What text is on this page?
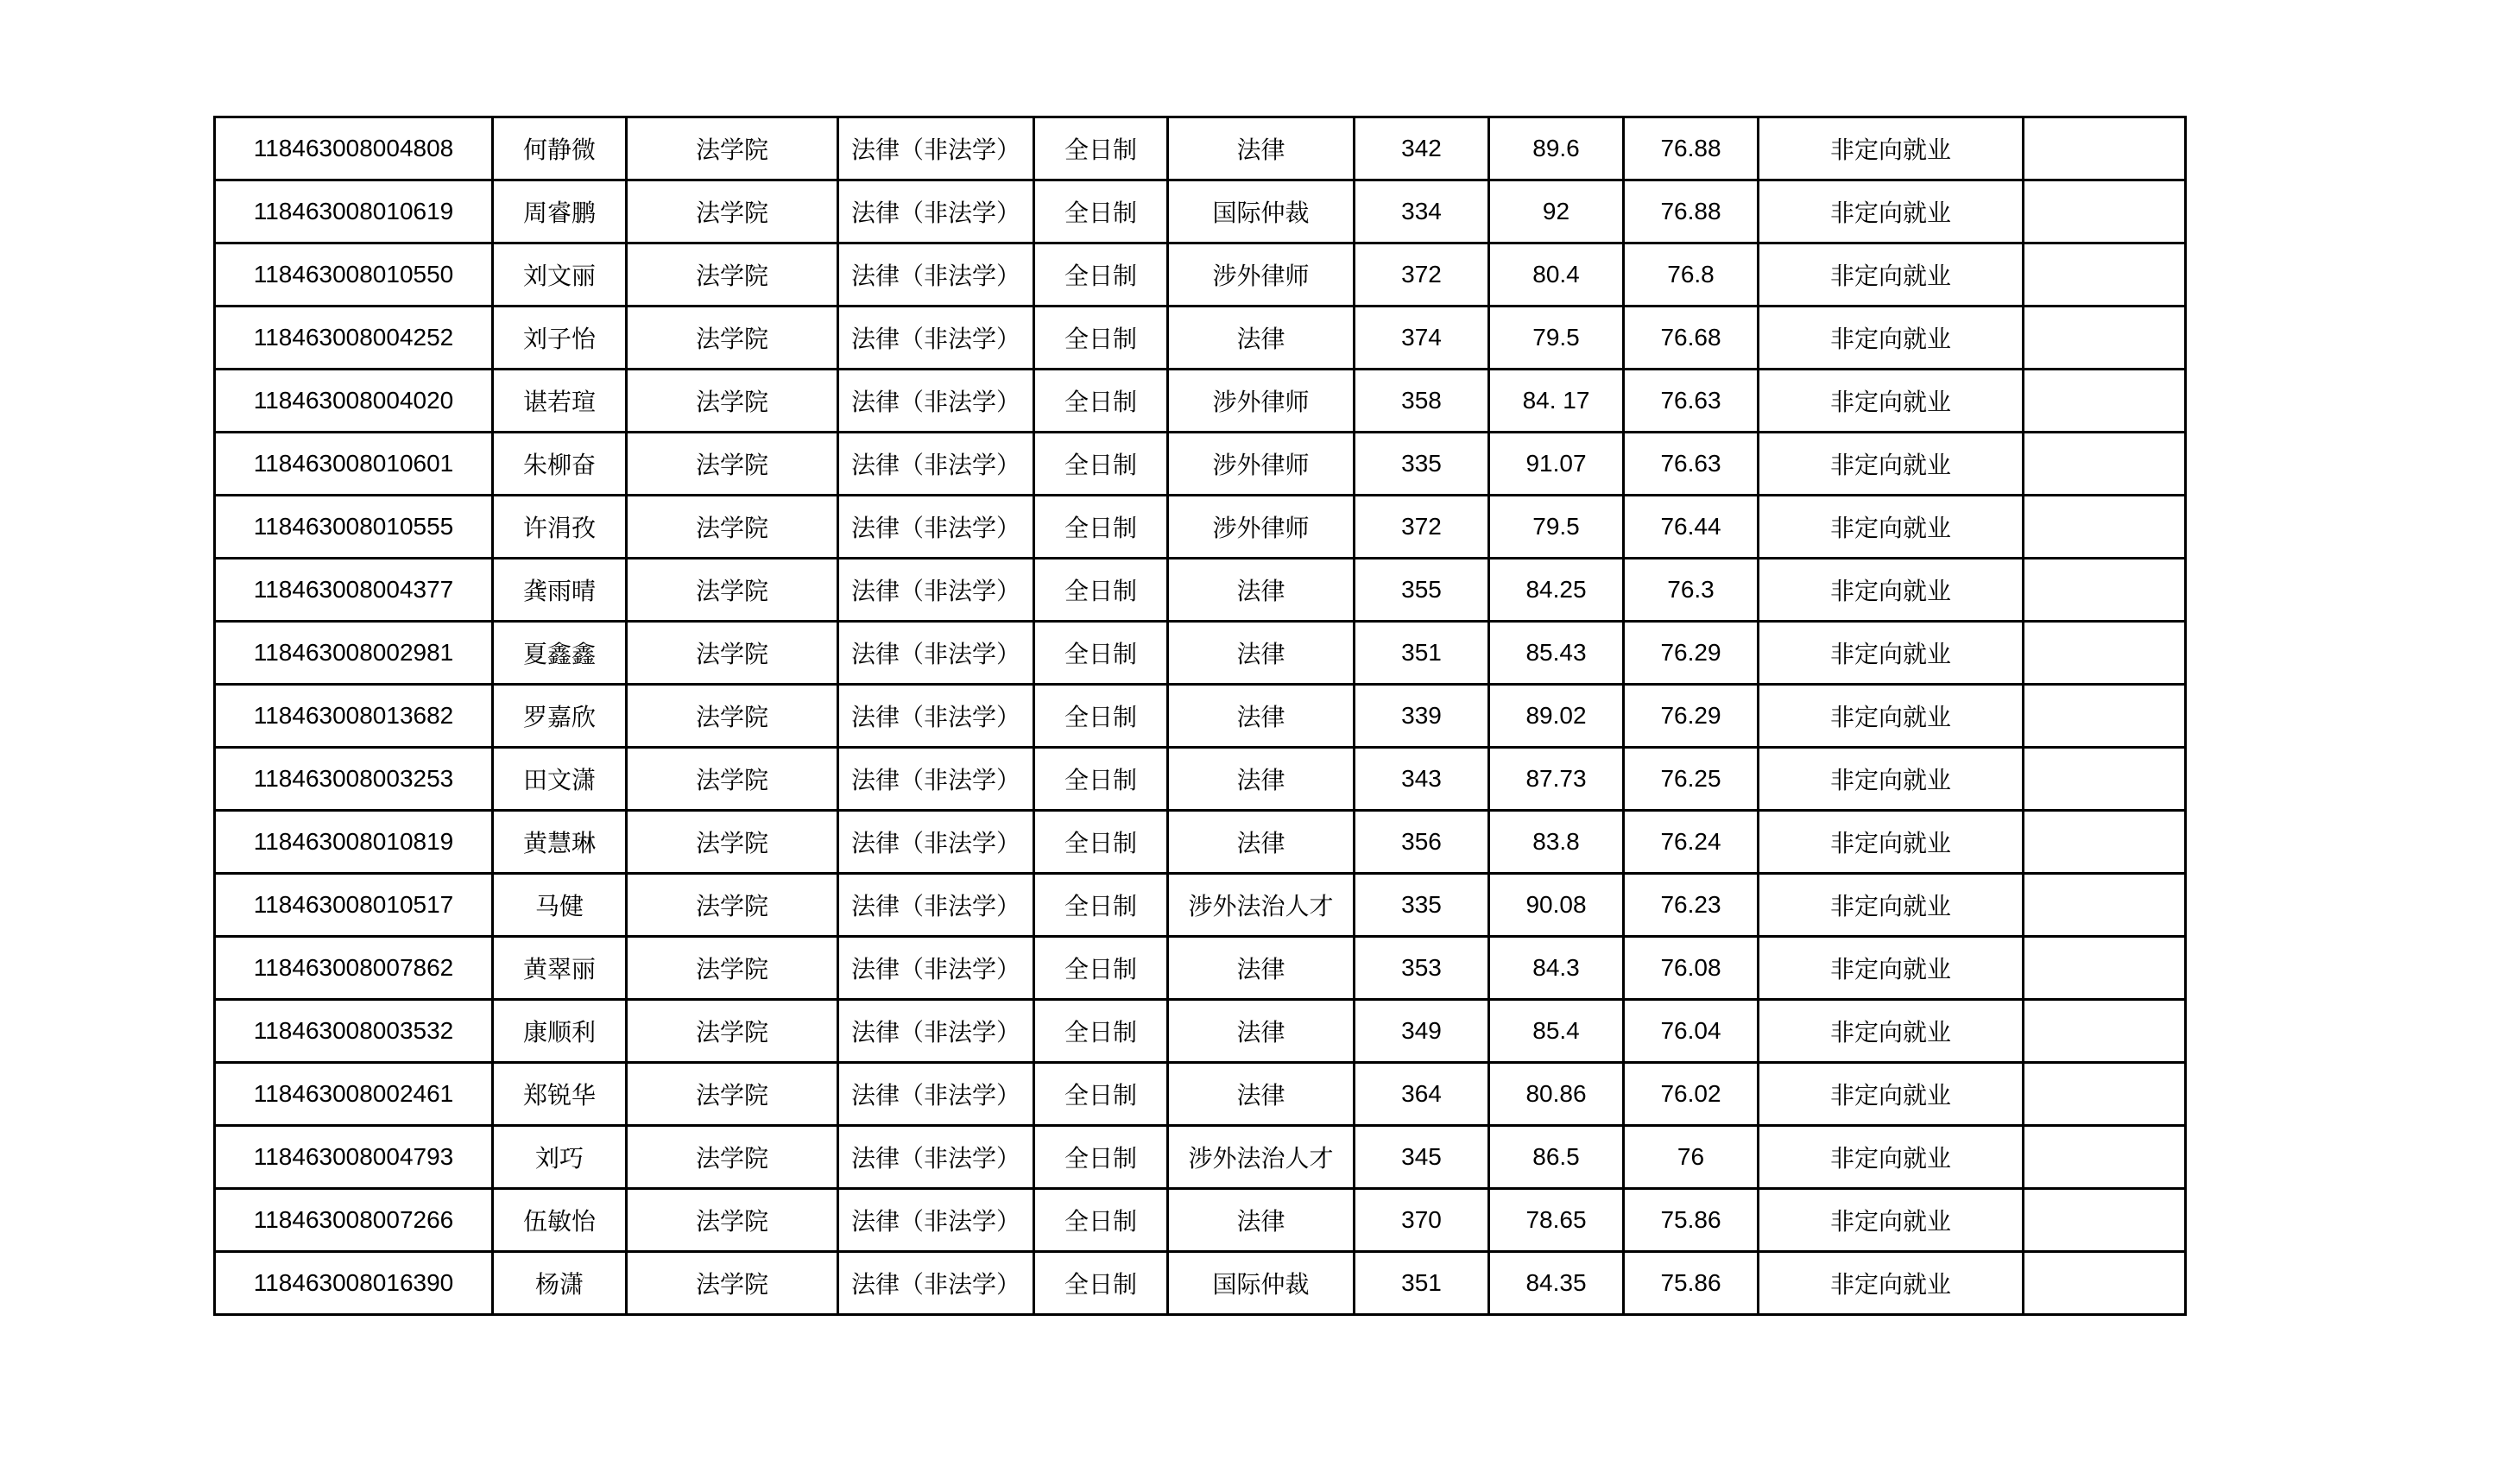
118463008004808	何静微	法学院	法律（非法学）	全日制	法律	342	89.6	76.88	非定向就业	
118463008010619	周睿鹏	法学院	法律（非法学）	全日制	国际仲裁	334	92	76.88	非定向就业	
118463008010550	刘文丽	法学院	法律（非法学）	全日制	涉外律师	372	80.4	76.8	非定向就业	
118463008004252	刘子怡	法学院	法律（非法学）	全日制	法律	374	79.5	76.68	非定向就业	
118463008004020	谌若瑄	法学院	法律（非法学）	全日制	涉外律师	358	84. 17	76.63	非定向就业	
118463008010601	朱柳奋	法学院	法律（非法学）	全日制	涉外律师	335	91.07	76.63	非定向就业	
118463008010555	许涓孜	法学院	法律（非法学）	全日制	涉外律师	372	79.5	76.44	非定向就业	
118463008004377	龚雨晴	法学院	法律（非法学）	全日制	法律	355	84.25	76.3	非定向就业	
118463008002981	夏鑫鑫	法学院	法律（非法学）	全日制	法律	351	85.43	76.29	非定向就业	
118463008013682	罗嘉欣	法学院	法律（非法学）	全日制	法律	339	89.02	76.29	非定向就业	
118463008003253	田文潇	法学院	法律（非法学）	全日制	法律	343	87.73	76.25	非定向就业	
118463008010819	黄慧琳	法学院	法律（非法学）	全日制	法律	356	83.8	76.24	非定向就业	
118463008010517	马健	法学院	法律（非法学）	全日制	涉外法治人才	335	90.08	76.23	非定向就业	
118463008007862	黄翠丽	法学院	法律（非法学）	全日制	法律	353	84.3	76.08	非定向就业	
118463008003532	康顺利	法学院	法律（非法学）	全日制	法律	349	85.4	76.04	非定向就业	
118463008002461	郑锐华	法学院	法律（非法学）	全日制	法律	364	80.86	76.02	非定向就业	
118463008004793	刘巧	法学院	法律（非法学）	全日制	涉外法治人才	345	86.5	76	非定向就业	
118463008007266	伍敏怡	法学院	法律（非法学）	全日制	法律	370	78.65	75.86	非定向就业	
118463008016390	杨潇	法学院	法律（非法学）	全日制	国际仲裁	351	84.35	75.86	非定向就业	
